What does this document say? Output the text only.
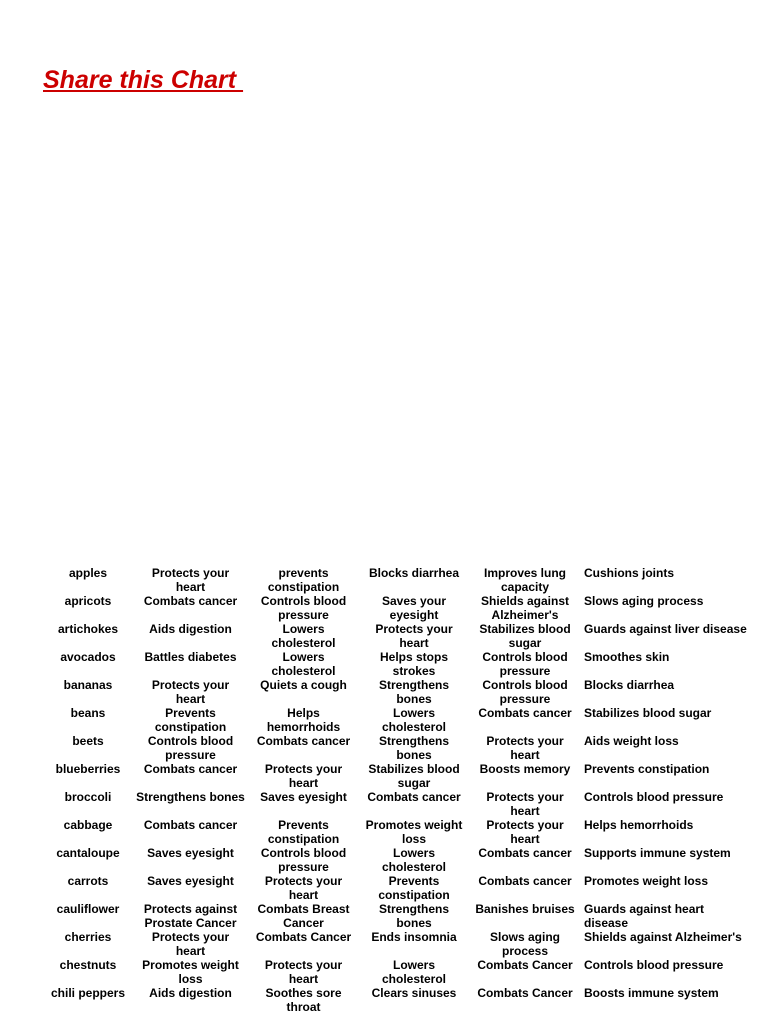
Share this Chart
apples	Protects your heart	prevents constipation	Blocks diarrhea	Improves lung capacity	Cushions joints
apricots	Combats cancer	Controls blood pressure	Saves your eyesight	Shields against Alzheimer's	Slows aging process
artichokes	Aids digestion	Lowers cholesterol	Protects your heart	Stabilizes blood sugar	Guards against liver disease
avocados	Battles diabetes	Lowers cholesterol	Helps stops strokes	Controls blood pressure	Smoothes skin
bananas	Protects your heart	Quiets a cough	Strengthens bones	Controls blood pressure	Blocks diarrhea
beans	Prevents constipation	Helps hemorrhoids	Lowers cholesterol	Combats cancer	Stabilizes blood sugar
beets	Controls blood pressure	Combats cancer	Strengthens bones	Protects your heart	Aids weight loss
blueberries	Combats cancer	Protects your heart	Stabilizes blood sugar	Boosts memory	Prevents constipation
broccoli	Strengthens bones	Saves eyesight	Combats cancer	Protects your heart	Controls blood pressure
cabbage	Combats cancer	Prevents constipation	Promotes weight loss	Protects your heart	Helps hemorrhoids
cantaloupe	Saves eyesight	Controls blood pressure	Lowers cholesterol	Combats cancer	Supports immune system
carrots	Saves eyesight	Protects your heart	Prevents constipation	Combats cancer	Promotes weight loss
cauliflower	Protects against Prostate Cancer	Combats Breast Cancer	Strengthens bones	Banishes bruises	Guards against heart disease
cherries	Protects your heart	Combats Cancer	Ends insomnia	Slows aging process	Shields against Alzheimer's
chestnuts	Promotes weight loss	Protects your heart	Lowers cholesterol	Combats Cancer	Controls blood pressure
chili peppers	Aids digestion	Soothes sore throat	Clears sinuses	Combats Cancer	Boosts immune system
